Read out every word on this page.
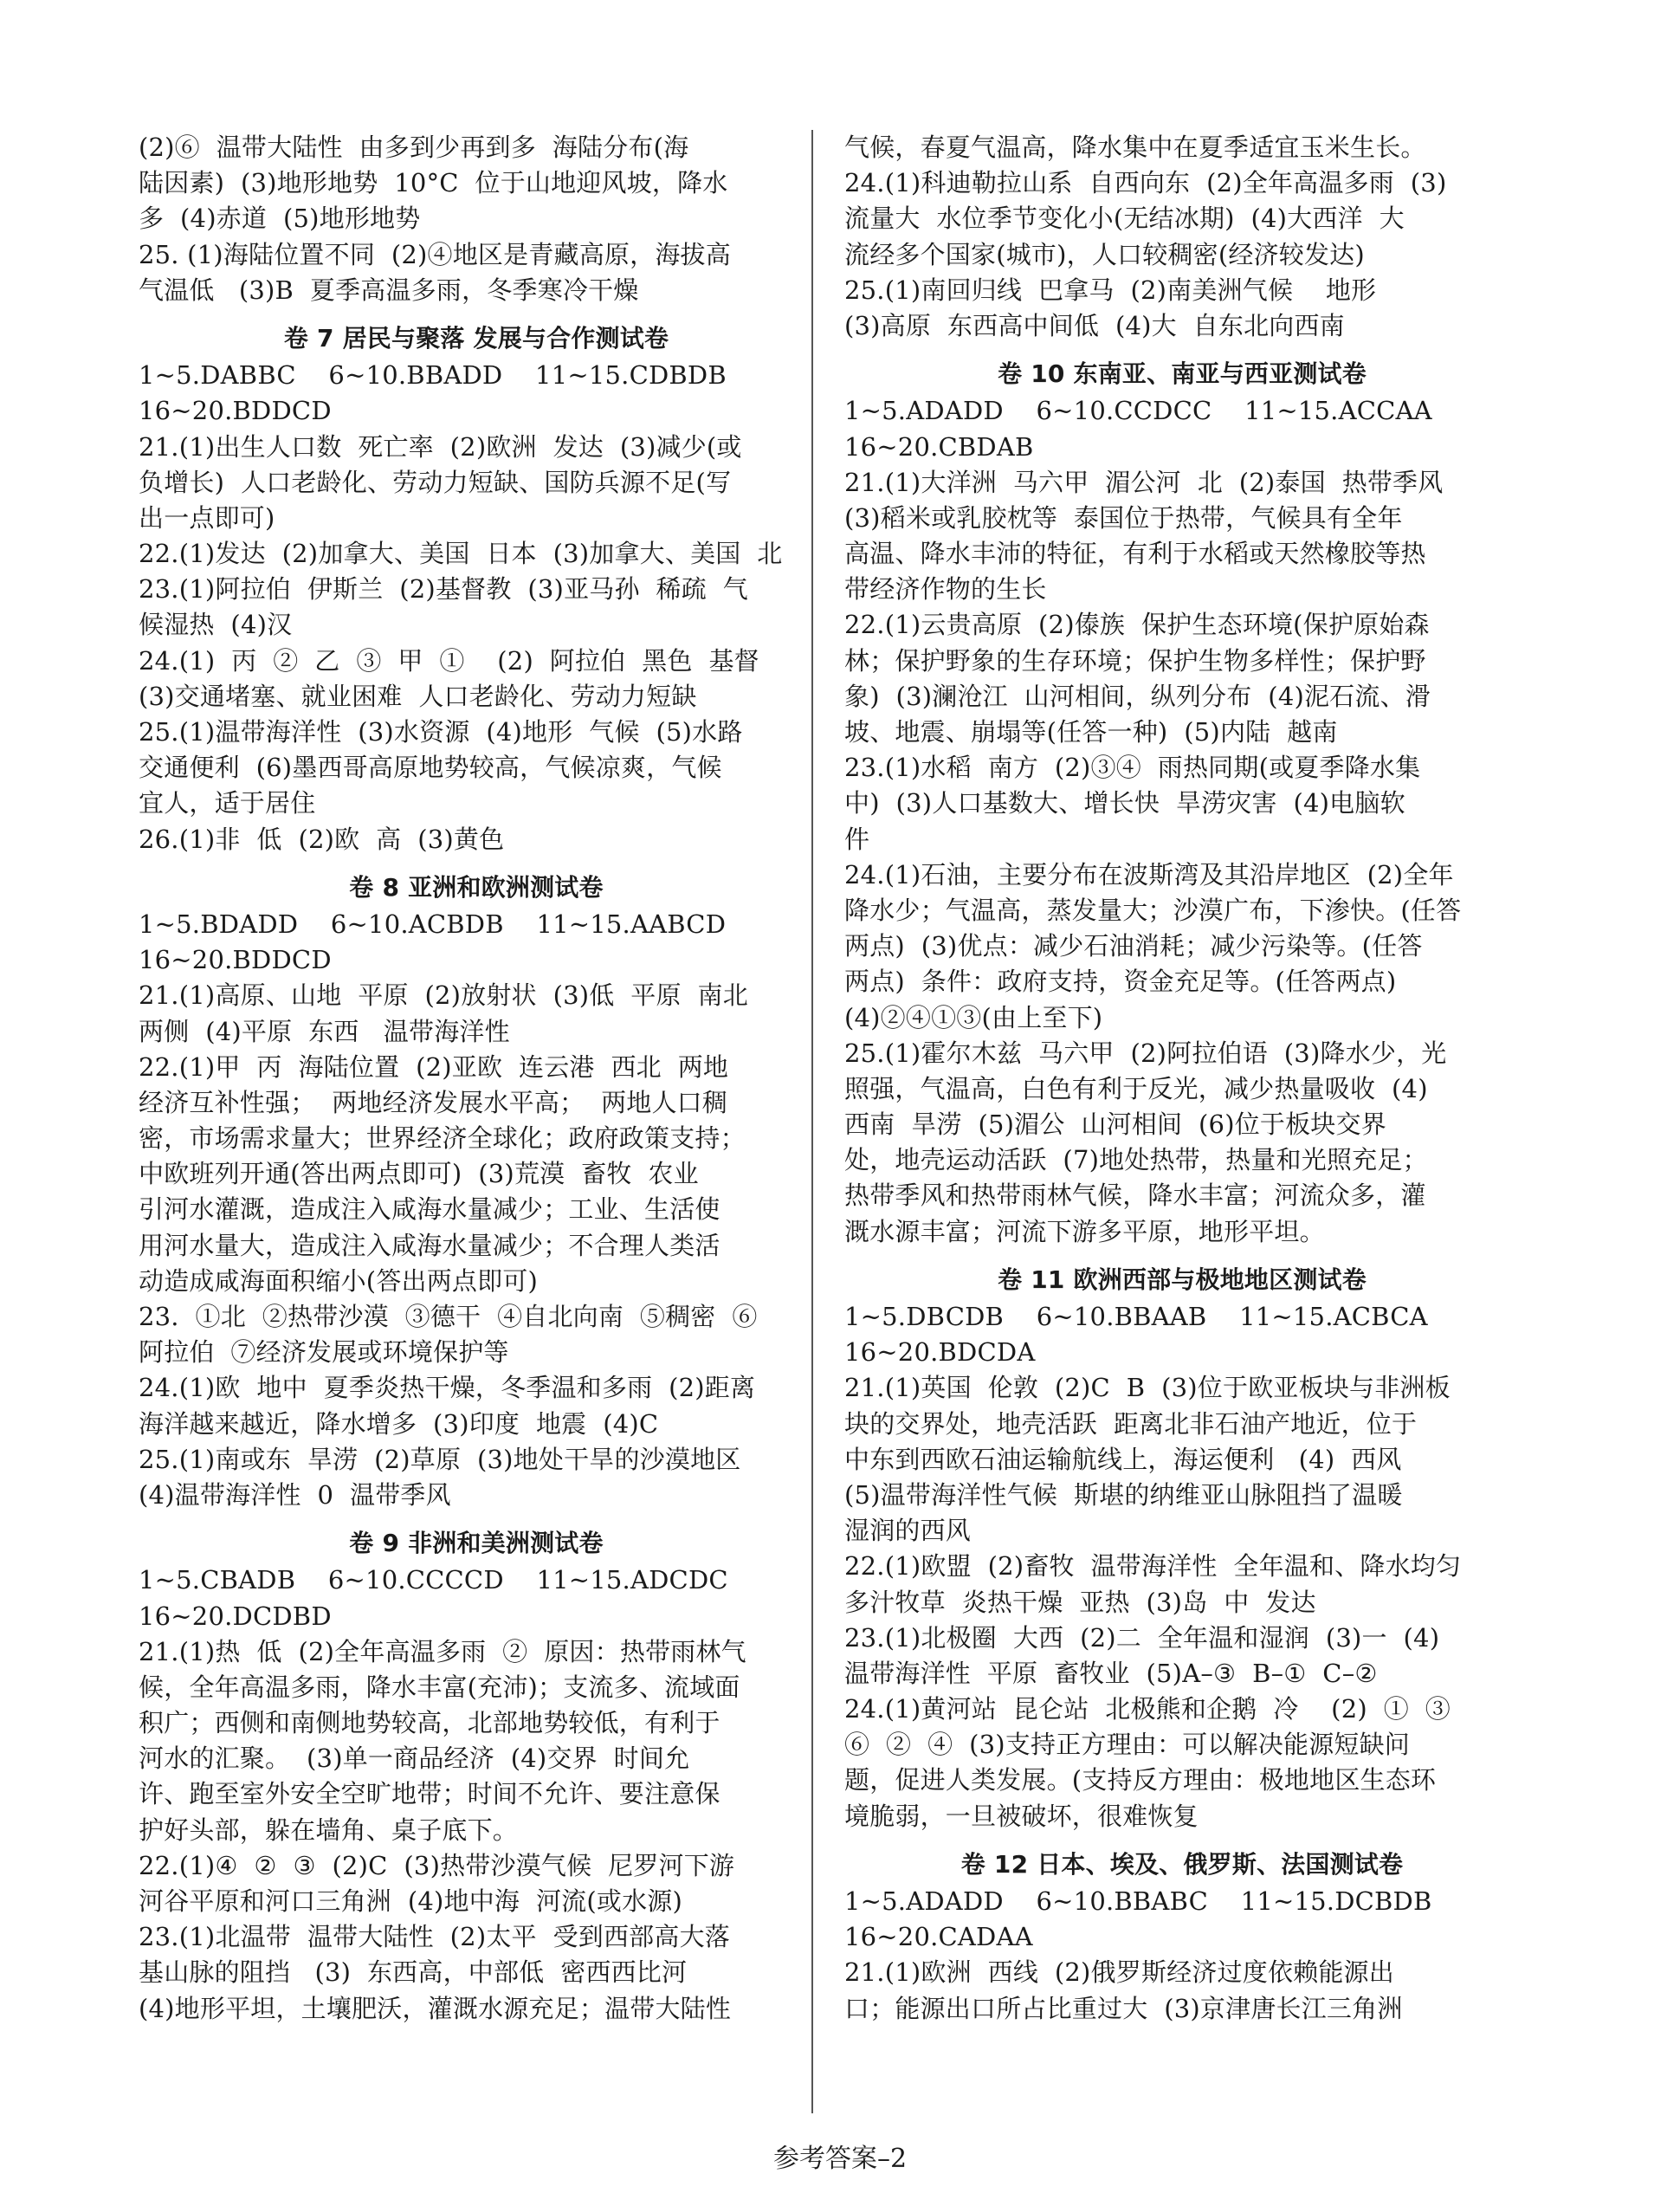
(2)⑥  温带大陆性  由多到少再到多  海陆分布(海
陆因素)  (3)地形地势  10°C  位于山地迎风坡，降水
多  (4)赤道  (5)地形地势
25. (1)海陆位置不同  (2)④地区是青藏高原，海拔高
气温低   (3)B  夏季高温多雨，冬季寒冷干燥
卷 7 居民与聚落 发展与合作测试卷
1~5.DABBC    6~10.BBADD    11~15.CDBDB
16~20.BDDCD
21.(1)出生人口数  死亡率  (2)欧洲  发达  (3)减少(或
负增长)  人口老龄化、劳动力短缺、国防兵源不足(写
出一点即可)
22.(1)发达  (2)加拿大、美国  日本  (3)加拿大、美国  北
23.(1)阿拉伯  伊斯兰  (2)基督教  (3)亚马孙  稀疏  气
候湿热  (4)汉
24.(1)  丙  ②  乙  ③  甲  ①    (2)  阿拉伯  黑色  基督
(3)交通堵塞、就业困难  人口老龄化、劳动力短缺
25.(1)温带海洋性  (3)水资源  (4)地形  气候  (5)水路
交通便利  (6)墨西哥高原地势较高，气候凉爽，气候
宜人，适于居住
26.(1)非  低  (2)欧  高  (3)黄色
卷 8 亚洲和欧洲测试卷
1~5.BDADD    6~10.ACBDB    11~15.AABCD
16~20.BDDCD
21.(1)高原、山地  平原  (2)放射状  (3)低  平原  南北
两侧  (4)平原  东西   温带海洋性
22.(1)甲  丙  海陆位置  (2)亚欧  连云港  西北  两地
经济互补性强；  两地经济发展水平高；  两地人口稠
密，市场需求量大；世界经济全球化；政府政策支持；
中欧班列开通(答出两点即可)  (3)荒漠  畜牧  农业
引河水灌溉，造成注入咸海水量减少；工业、生活使
用河水量大，造成注入咸海水量减少；不合理人类活
动造成咸海面积缩小(答出两点即可)
23.  ①北  ②热带沙漠  ③德干  ④自北向南  ⑤稠密  ⑥
阿拉伯  ⑦经济发展或环境保护等
24.(1)欧  地中  夏季炎热干燥，冬季温和多雨  (2)距离
海洋越来越近，降水增多  (3)印度  地震  (4)C
25.(1)南或东  旱涝  (2)草原  (3)地处干旱的沙漠地区
(4)温带海洋性  0  温带季风
卷 9 非洲和美洲测试卷
1~5.CBADB    6~10.CCCCD    11~15.ADCDC
16~20.DCDBD
21.(1)热  低  (2)全年高温多雨  ②  原因：热带雨林气
候，全年高温多雨，降水丰富(充沛)；支流多、流域面
积广；西侧和南侧地势较高，北部地势较低，有利于
河水的汇聚。  (3)单一商品经济  (4)交界  时间允
许、跑至室外安全空旷地带；时间不允许、要注意保
护好头部，躲在墙角、桌子底下。
22.(1)④  ②  ③  (2)C  (3)热带沙漠气候  尼罗河下游
河谷平原和河口三角洲  (4)地中海  河流(或水源)
23.(1)北温带  温带大陆性  (2)太平  受到西部高大落
基山脉的阻挡   (3)  东西高，中部低  密西西比河
(4)地形平坦，土壤肥沃，灌溉水源充足；温带大陆性
气候，春夏气温高，降水集中在夏季适宜玉米生长。
24.(1)科迪勒拉山系  自西向东  (2)全年高温多雨  (3)
流量大  水位季节变化小(无结冰期)  (4)大西洋  大
流经多个国家(城市)，人口较稠密(经济较发达)
25.(1)南回归线  巴拿马  (2)南美洲气候    地形
(3)高原  东西高中间低  (4)大  自东北向西南
卷 10 东南亚、南亚与西亚测试卷
1~5.ADADD    6~10.CCDCC    11~15.ACCAA
16~20.CBDAB
21.(1)大洋洲  马六甲  湄公河  北  (2)泰国  热带季风
(3)稻米或乳胶枕等  泰国位于热带，气候具有全年
高温、降水丰沛的特征，有利于水稻或天然橡胶等热
带经济作物的生长
22.(1)云贵高原  (2)傣族  保护生态环境(保护原始森
林；保护野象的生存环境；保护生物多样性；保护野
象)  (3)澜沧江  山河相间，纵列分布  (4)泥石流、滑
坡、地震、崩塌等(任答一种)  (5)内陆  越南
23.(1)水稻  南方  (2)③④  雨热同期(或夏季降水集
中)  (3)人口基数大、增长快  旱涝灾害  (4)电脑软
件
24.(1)石油，主要分布在波斯湾及其沿岸地区  (2)全年
降水少；气温高，蒸发量大；沙漠广布，下渗快。(任答
两点)  (3)优点：减少石油消耗；减少污染等。(任答
两点)  条件：政府支持，资金充足等。(任答两点)
(4)②④①③(由上至下)
25.(1)霍尔木兹  马六甲  (2)阿拉伯语  (3)降水少，光
照强，气温高，白色有利于反光，减少热量吸收  (4)
西南  旱涝  (5)湄公  山河相间  (6)位于板块交界
处，地壳运动活跃  (7)地处热带，热量和光照充足；
热带季风和热带雨林气候，降水丰富；河流众多，灌
溉水源丰富；河流下游多平原，地形平坦。
卷 11 欧洲西部与极地地区测试卷
1~5.DBCDB    6~10.BBAAB    11~15.ACBCA
16~20.BDCDA
21.(1)英国  伦敦  (2)C  B  (3)位于欧亚板块与非洲板
块的交界处，地壳活跃  距离北非石油产地近，位于
中东到西欧石油运输航线上，海运便利   (4)  西风
(5)温带海洋性气候  斯堪的纳维亚山脉阻挡了温暖
湿润的西风
22.(1)欧盟  (2)畜牧  温带海洋性  全年温和、降水均匀
多汁牧草  炎热干燥  亚热  (3)岛  中  发达
23.(1)北极圈  大西  (2)二  全年温和湿润  (3)一  (4)
温带海洋性  平原  畜牧业  (5)A–③  B–①  C–②
24.(1)黄河站  昆仑站  北极熊和企鹅  冷    (2)  ①  ③
⑥  ②  ④  (3)支持正方理由：可以解决能源短缺问
题，促进人类发展。(支持反方理由：极地地区生态环
境脆弱，一旦被破坏，很难恢复
卷 12 日本、埃及、俄罗斯、法国测试卷
1~5.ADADD    6~10.BBABC    11~15.DCBDB
16~20.CADAA
21.(1)欧洲  西线  (2)俄罗斯经济过度依赖能源出
口；能源出口所占比重过大  (3)京津唐长江三角洲
参考答案–2
